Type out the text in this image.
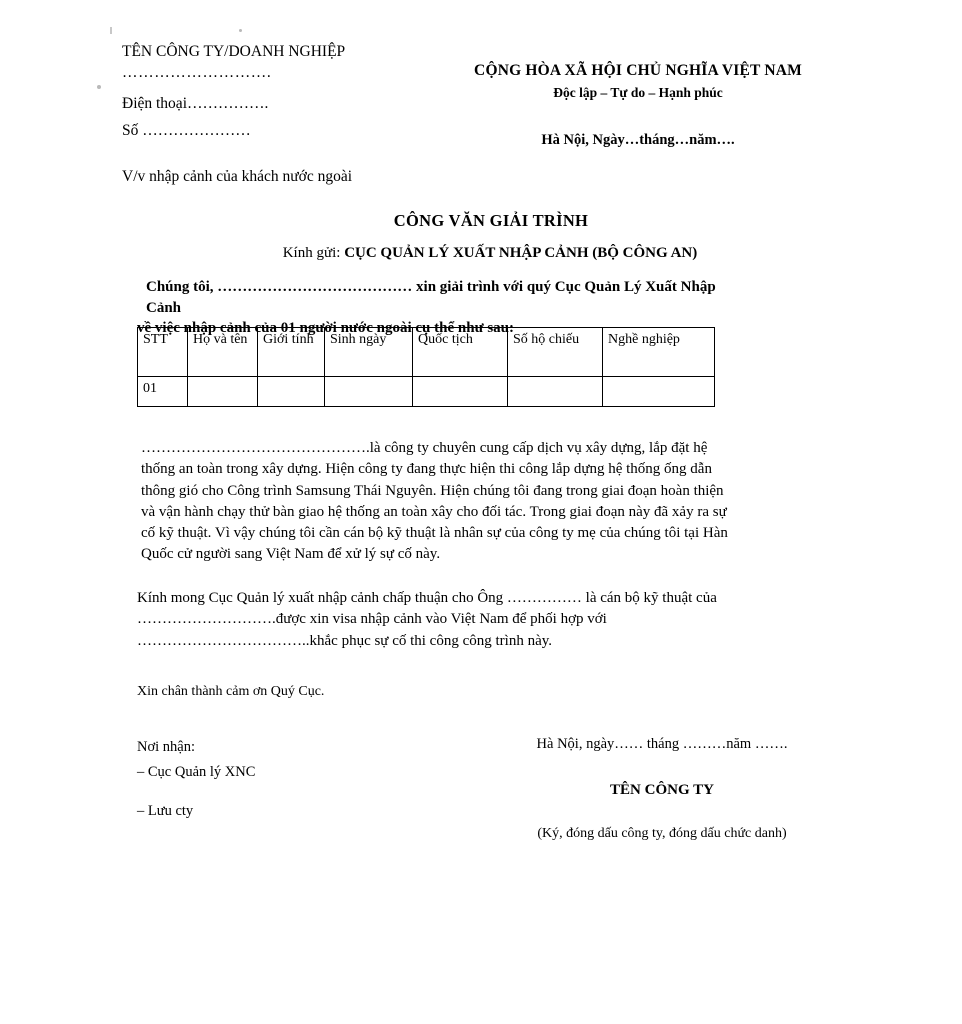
TÊN CÔNG TY/DOANH NGHIỆP
……………………….
Điện thoại…………….
Số …………………
CỘNG HÒA XÃ HỘI CHỦ NGHĨA VIỆT NAM
Độc lập – Tự do – Hạnh phúc
Hà Nội, Ngày…tháng…năm….
V/v nhập cảnh của khách nước ngoài
CÔNG VĂN GIẢI TRÌNH
Kính gửi: CỤC QUẢN LÝ XUẤT NHẬP CẢNH (BỘ CÔNG AN)
Chúng tôi, ………………………………… xin giải trình với quý Cục Quản Lý Xuất Nhập Cảnh
về việc nhập cảnh của 01 người nước ngoài cụ thể như sau:
STT	Họ và tên	Giới tính	Sinh ngày	Quốc tịch	Số hộ chiếu	Nghề nghiệp
01						
……………………………………….là công ty chuyên cung cấp dịch vụ xây dựng, lắp đặt hệ thống an toàn trong xây dựng. Hiện công ty đang thực hiện thi công lắp dựng hệ thống ống dẫn thông gió cho Công trình Samsung Thái Nguyên. Hiện chúng tôi đang trong giai đoạn hoàn thiện và vận hành chạy thử bàn giao hệ thống an toàn xây cho đối tác. Trong giai đoạn này đã xảy ra sự cố kỹ thuật. Vì vậy chúng tôi cần cán bộ kỹ thuật là nhân sự của công ty mẹ của chúng tôi tại Hàn Quốc cử người sang Việt Nam để xử lý sự cố này.
Kính mong Cục Quản lý xuất nhập cảnh chấp thuận cho Ông …………… là cán bộ kỹ thuật của
……………………….được xin visa nhập cảnh vào Việt Nam để phối hợp với
……………………………..khắc phục sự cố thi công công trình này.
Xin chân thành cảm ơn Quý Cục.
Nơi nhận:
– Cục Quản lý XNC
– Lưu cty
Hà Nội, ngày…… tháng ………năm …….
TÊN CÔNG TY
(Ký, đóng dấu công ty, đóng dấu chức danh)
